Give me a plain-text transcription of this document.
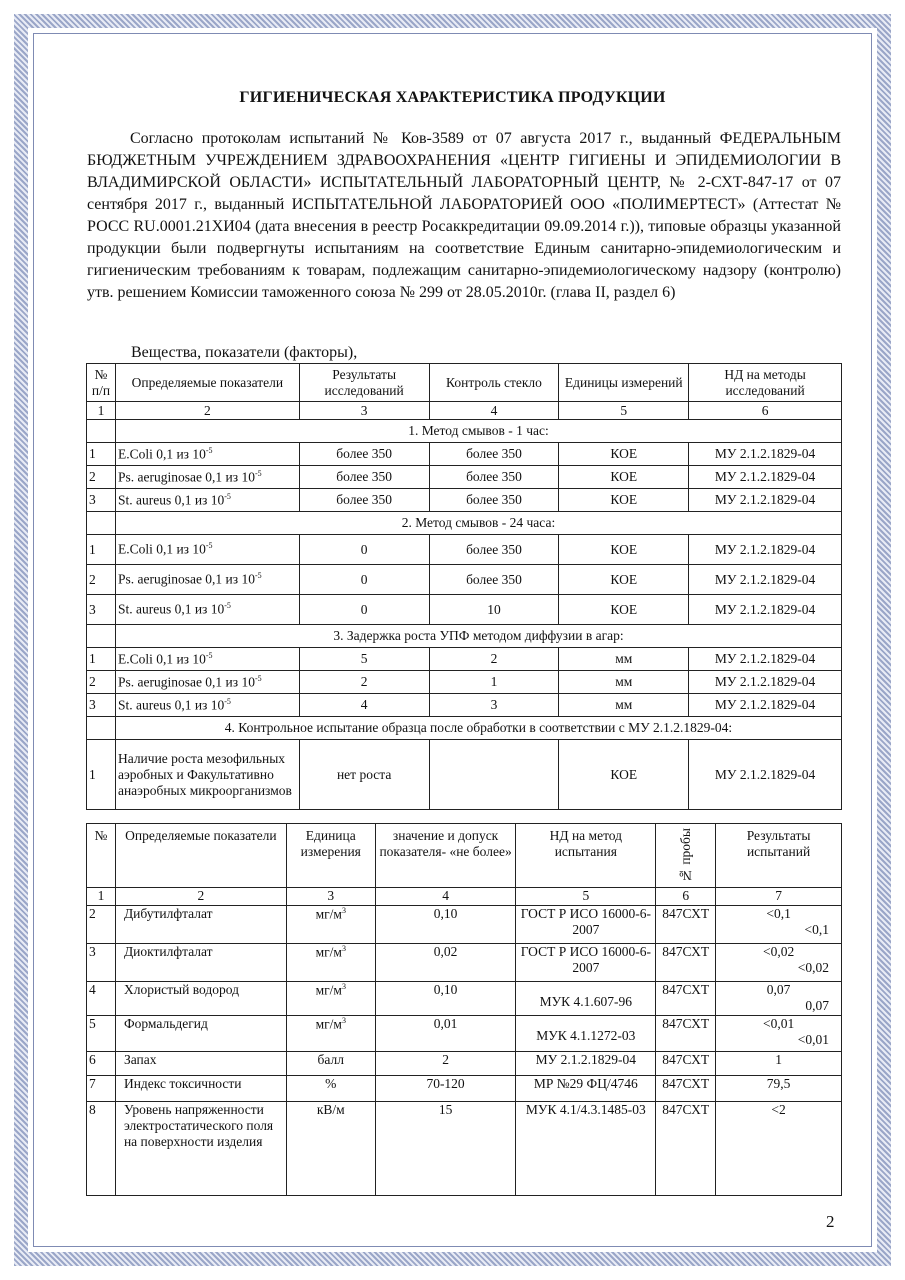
ГИГИЕНИЧЕСКАЯ ХАРАКТЕРИСТИКА ПРОДУКЦИИ

Согласно протоколам испытаний № Ков-3589 от 07 августа 2017 г., выданный ФЕДЕРАЛЬНЫМ БЮДЖЕТНЫМ УЧРЕЖДЕНИЕМ ЗДРАВООХРАНЕНИЯ «ЦЕНТР ГИГИЕНЫ И ЭПИДЕМИОЛОГИИ В ВЛАДИМИРСКОЙ ОБЛАСТИ» ИСПЫТАТЕЛЬНЫЙ ЛАБОРАТОРНЫЙ ЦЕНТР, № 2-СХТ-847-17 от 07 сентября 2017 г., выданный ИСПЫТАТЕЛЬНОЙ ЛАБОРАТОРИЕЙ ООО «ПОЛИМЕРТЕСТ» (Аттестат № РОСС RU.0001.21ХИ04 (дата внесения в реестр Росаккредитации 09.09.2014 г.)), типовые образцы указанной продукции были подвергнуты испытаниям на соответствие Единым санитарно-эпидемиологическим и гигиеническим требованиям к товарам, подлежащим санитарно-эпидемиологическому надзору (контролю) утв. решением Комиссии таможенного союза № 299 от 28.05.2010г. (глава II, раздел 6)

Вещества, показатели (факторы),
№ п/п	Определяемые показатели	Результаты исследований	Контроль стекло	Единицы измерений	НД на методы исследований
1	2	3	4	5	6
	1. Метод смывов - 1 час:				
1	E.Coli 0,1 из $10^{-5}$	более 350	более 350	КОЕ	МУ 2.1.2.1829-04
2	Ps. aeruginosae 0,1 из $10^{-5}$	более 350	более 350	КОЕ	МУ 2.1.2.1829-04
3	St. aureus 0,1 из $10^{-5}$	более 350	более 350	КОЕ	МУ 2.1.2.1829-04
	2. Метод смывов - 24 часа:				
1	E.Coli 0,1 из $10^{-5}$	0	более 350	КОЕ	МУ 2.1.2.1829-04
2	Ps. aeruginosae 0,1 из $10^{-5}$	0	более 350	КОЕ	МУ 2.1.2.1829-04
3	St. aureus 0,1 из $10^{-5}$	0	10	КОЕ	МУ 2.1.2.1829-04
	3. Задержка роста УПФ методом диффузии в агар:				
1	E.Coli 0,1 из $10^{-5}$	5	2	мм	МУ 2.1.2.1829-04
2	Ps. aeruginosae 0,1 из $10^{-5}$	2	1	мм	МУ 2.1.2.1829-04
3	St. aureus 0,1 из $10^{-5}$	4	3	мм	МУ 2.1.2.1829-04
	4. Контрольное испытание образца после обработки в соответствии с МУ 2.1.2.1829-04:				
1	Наличие роста мезофильных аэробных и Факультативно анаэробных микроорганизмов	нет роста		КОЕ	МУ 2.1.2.1829-04
№	Определяемые показатели	Единица измерения	значение и допуск показателя- «не более»	НД на метод испытания	№ пробы	Результаты испытаний
1	2	3	4	5	6	7
2	Дибутилфталат	$мг/м^3$	0,10	ГОСТ Р ИСО 16000-6-2007	847СХТ	<0,1
<0,1

3	Диоктилфталат	$мг/м^3$	0,02	ГОСТ Р ИСО 16000-6-2007	847СХТ	<0,02
<0,02

4	Хлористый водород	$мг/м^3$	0,10	МУК 4.1.607-96	847СХТ	0,07
0,07

5	Формальдегид	$мг/м^3$	0,01	МУК 4.1.1272-03	847СХТ	<0,01
<0,01

6	Запах	балл	2	МУ 2.1.2.1829-04	847СХТ	1

7	Индекс токсичности	%	70-120	МР №29 ФЦ/4746	847СХТ	79,5

8	Уровень напряженности электростатического поля на поверхности изделия	кВ/м	15	МУК 4.1/4.3.1485-03	847СХТ	<2
2
